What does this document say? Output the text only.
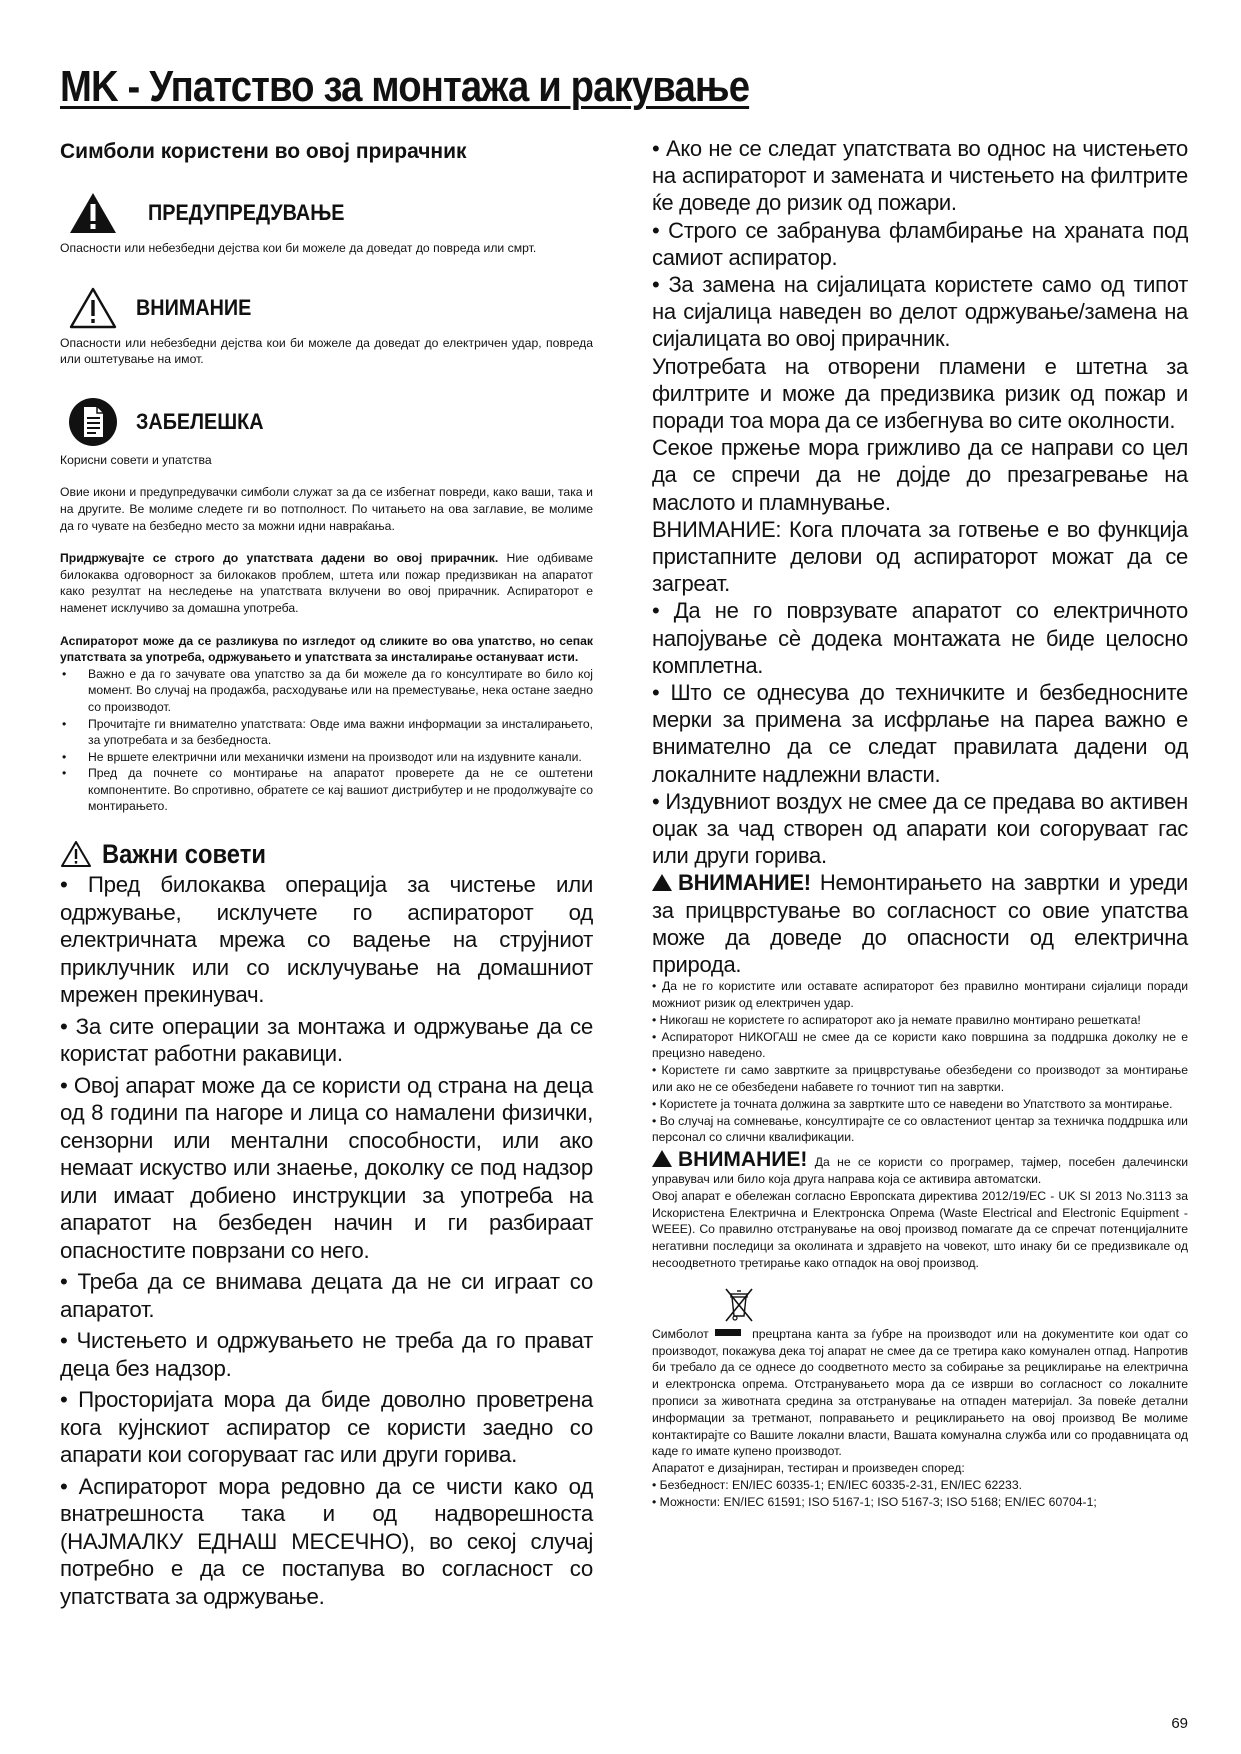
MK - Упатство за монтажа и ракување
Симболи користени во овој прирачник
ПРЕДУПРЕДУВАЊЕ

Опасности или небезбедни дејства кои би можеле да доведат до повреда или смрт.

ВНИМАНИЕ

Опасности или небезбедни дејства кои би можеле да доведат до електричен удар, повреда или оштетување на имот.

ЗАБЕЛЕШКА

Корисни совети и упатства

Овие икони и предупредувачки симболи служат за да се избегнат повреди, како ваши, така и на другите. Ве молиме следете ги во потполност. По читањето на ова заглавие, ве молиме да го чувате на безбедно место за можни идни навраќања.

Придржувајте се строго до упатствата дадени во овој прирачник. Ние одбиваме билокаква одговорност за билокаков проблем, штета или пожар предизвикан на апаратот како резултат на неследење на упатствата вклучени во овој прирачник. Аспираторот е наменет исклучиво за домашна употреба.

Аспираторот може да се разликува по изгледот од сликите во ова упатство, но сепак упатствата за употреба, одржувањето и упатствата за инсталирање остануваат исти.

• Важно е да го зачувате ова упатство за да би можеле да го консултирате во било кој момент. Во случај на продажба, расходување или на преместување, нека остане заедно со производот.
• Прочитајте ги внимателно упатствата: Овде има важни информации за инсталирањето, за употребата и за безбедноста.
• Не вршете електрични или механички измени на производот или на издувните канали.
• Пред да почнете со монтирање на апаратот проверете да не се оштетени компонентите. Во спротивно, обратете се кај вашиот дистрибутер и не продолжувајте со монтирањето.
Важни совети

• Пред билокаква операција за чистење или одржување, исклучете го аспираторот од електричната мрежа со вадење на струјниот приклучник или со исклучување на домашниот мрежен прекинувач.

• За сите операции за монтажа и одржување да се користат работни ракавици.

• Овој апарат може да се користи од страна на деца од 8 години па нагоре и лица со намалени физички, сензорни или ментални способности, или ако немаат искуство или знаење, доколку се под надзор или имаат добиено инструкции за употреба на апаратот на безбеден начин и ги разбираат опасностите поврзани со него.

• Треба да се внимава децата да не си играат со апаратот.

• Чистењето и одржувањето не треба да го прават деца без надзор.

• Просторијата мора да биде доволно проветрена кога кујнскиот аспиратор се користи заедно со апарати кои согоруваат гас или други горива.

• Аспираторот мора редовно да се чисти како од внатрешноста така и од надворешноста (НАЈМАЛКУ ЕДНАШ МЕСЕЧНО), во секој случај потребно е да се постапува во согласност со упатствата за одржување.

• Ако не се следат упатствата во однос на чистењето на аспираторот и замената и чистењето на филтрите ќе доведе до ризик од пожари.

• Строго се забранува фламбирање на храната под самиот аспиратор.

• За замена на сијалицата користете само од типот на сијалица наведен во делот одржување/замена на сијалицата во овој прирачник.

Употребата на отворени пламени е штетна за филтрите и може да предизвика ризик од пожар и поради тоа мора да се избегнува во сите околности.

Секое пржење мора грижливо да се направи со цел да се спречи да не дојде до презагревање на маслото и пламнување.

ВНИМАНИЕ: Кога плочата за готвење е во функција пристапните делови од аспираторот можат да се загреат.

• Да не го поврзувате апаратот со електричното напојување сè додека монтажата не биде целосно комплетна.

• Што се однесува до техничките и безбедносните мерки за примена за исфрлање на пареа важно е внимателно да се следат правилата дадени од локалните надлежни власти.

• Издувниот воздух не смее да се предава во активен оџак за чад створен од апарати кои согоруваат гас или други горива.

ВНИМАНИЕ! Немонтирањето на завртки и уреди за прицврстување во согласност со овие упатства може да доведе до опасности од електрична природа.

• Да не го користите или оставате аспираторот без правилно монтирани сијалици поради можниот ризик од електричен удар.

• Никогаш не користете го аспираторот ако ја немате правилно монтирано решетката!

• Аспираторот НИКОГАШ не смее да се користи како површина за поддршка доколку не е прецизно наведено.

• Користете ги само завртките за прицврстување обезбедени со производот за монтирање или ако не се обезбедени набавете го точниот тип на завртки.

• Користете ја точната должина за завртките што се наведени во Упатството за монтирање.

• Во случај на сомневање, консултирајте се со овластениот центар за техничка поддршка или персонал со слични квалификации.

ВНИМАНИЕ! Да не се користи со програмер, тајмер, посебен далечински управувач или било која друга направа која се активира автоматски.

Овој апарат е обележан согласно Европската директива 2012/19/EC - UK SI 2013 No.3113 за Искористена Електрична и Електронска Опрема (Waste Electrical and Electronic Equipment - WEEE). Со правилно отстранување на овој производ помагате да се спречат потенцијалните негативни последици за околината и здравјето на човекот, што инаку би се предизвикале од несоодветното третирање како отпадок на овој производ.

Симболот	прецртана канта за ѓубре на производот или на документите кои одат со производот, покажува дека тој апарат не смее да се третира како комунален отпад. Напротив би требало да се однесе до соодветното место за собирање за рециклирање на електрична и електронска опрема. Отстранувањето мора да се изврши во согласност со локалните прописи за животната средина за отстранување на отпаден материјал. За повеќе детални информации за третманот, поправањето и рециклирањето на овој производ Ве молиме контактирајте со Вашите локални власти, Вашата комунална служба или со продавницата од каде го имате купено производот.

Апаратот е дизајниран, тестиран и произведен според:

• Безбедност: EN/IEC 60335-1; EN/IEC 60335-2-31, EN/IEC 62233.

• Можности: EN/IEC 61591; ISO 5167-1; ISO 5167-3; ISO 5168; EN/IEC 60704-1;

69
